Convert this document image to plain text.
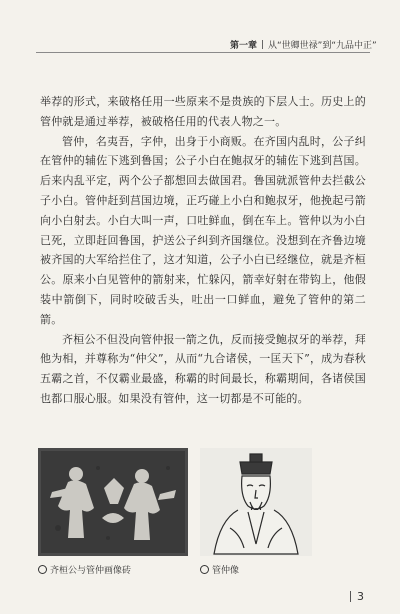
第一章 从“世卿世禄”到“九品中正”

举荐的形式，来破格任用一些原来不是贵族的下层人士。历史上的管仲就是通过举荐，被破格任用的代表人物之一。

管仲，名夷吾，字仲，出身于小商贩。在齐国内乱时，公子纠在管仲的辅佐下逃到鲁国；公子小白在鲍叔牙的辅佐下逃到莒国。后来内乱平定，两个公子都想回去做国君。鲁国就派管仲去拦截公子小白。管仲赶到莒国边境，正巧碰上小白和鲍叔牙，他挽起弓箭向小白射去。小白大叫一声，口吐鲜血，倒在车上。管仲以为小白已死，立即赶回鲁国，护送公子纠到齐国继位。没想到在齐鲁边境被齐国的大军给拦住了，这才知道，公子小白已经继位，就是齐桓公。原来小白见管仲的箭射来，忙躲闪，箭幸好射在带钩上，他假装中箭倒下，同时咬破舌头，吐出一口鲜血，避免了管仲的第二箭。

齐桓公不但没向管仲报一箭之仇，反而接受鲍叔牙的举荐，拜他为相，并尊称为“仲父”，从而“九合诸侯，一匡天下”，成为春秋五霸之首，不仅霸业最盛，称霸的时间最长，称霸期间，各诸侯国也都口服心服。如果没有管仲，这一切都是不可能的。

齐桓公与管仲画像砖	管仲像
3
